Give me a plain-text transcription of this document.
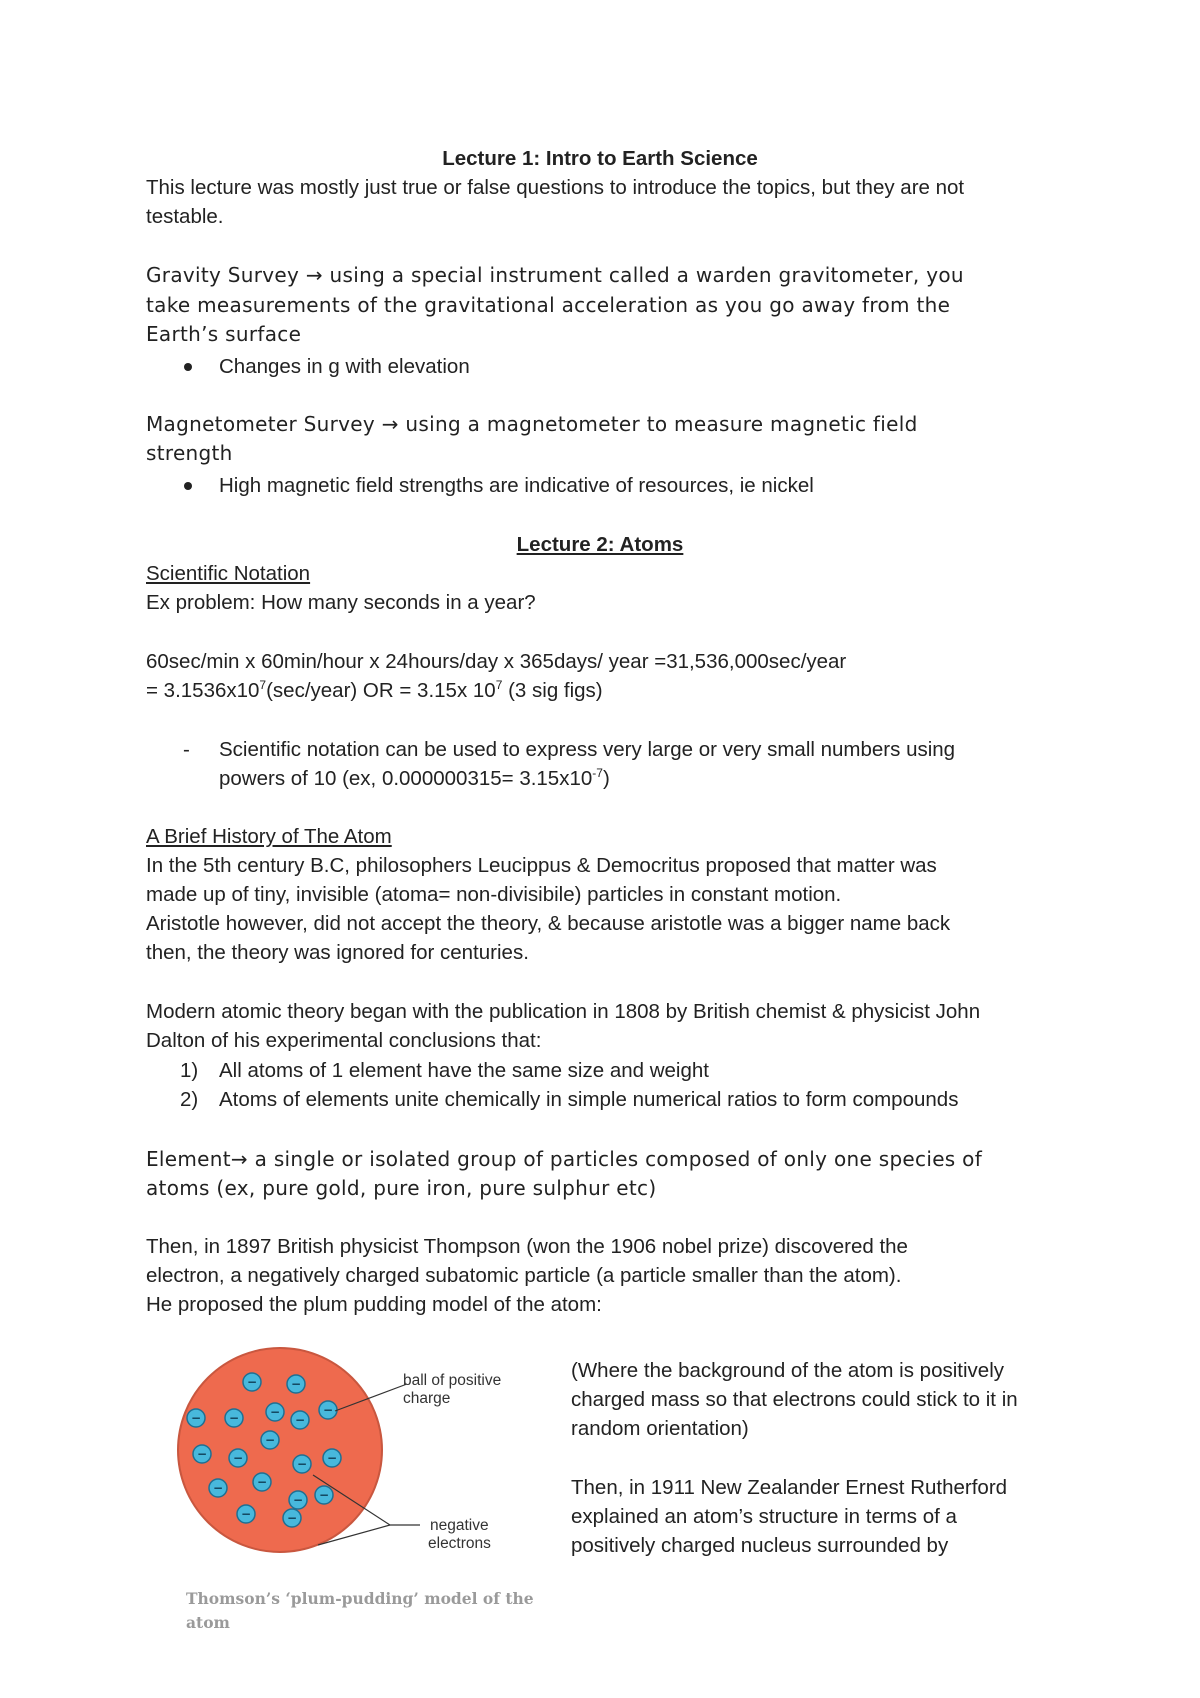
Lecture 1: Intro to Earth Science
This lecture was mostly just true or false questions to introduce the topics, but they are not
testable.
Gravity Survey → using a special instrument called a warden gravitometer, you
take measurements of the gravitational acceleration as you go away from the
Earth’s surface
Changes in g with elevation
Magnetometer Survey → using a magnetometer to measure magnetic field
strength
High magnetic field strengths are indicative of resources, ie nickel
Lecture 2: Atoms
Scientific Notation
Ex problem: How many seconds in a year?
60sec/min x 60min/hour x 24hours/day x 365days/ year =31,536,000sec/year
= $3.1536x10^7(\sec/year)$ OR = 3.15x $10^7$ (3 sig figs)
- Scientific notation can be used to express very large or very small numbers using
powers of 10 (ex, $0.000000315= 3.15x10^{-7}$)
A Brief History of The Atom
In the 5th century B.C, philosophers Leucippus & Democritus proposed that matter was
made up of tiny, invisible (atoma= non-divisibile) particles in constant motion.
Aristotle however, did not accept the theory, & because aristotle was a bigger name back
then, the theory was ignored for centuries.
Modern atomic theory began with the publication in 1808 by British chemist & physicist John
Dalton of his experimental conclusions that:
1) All atoms of 1 element have the same size and weight
2) Atoms of elements unite chemically in simple numerical ratios to form compounds
Element→ a single or isolated group of particles composed of only one species of
atoms (ex, pure gold, pure iron, pure sulphur etc)
Then, in 1897 British physicist Thompson (won the 1906 nobel prize) discovered the
electron, a negatively charged subatomic particle (a particle smaller than the atom).
He proposed the plum pudding model of the atom:
−	−
−	−
− −	−
−
− −	− −
−
−
− −
−	−
ball of positive
charge
negative
electrons
Thomson’s ‘plum-pudding’ model of the
atom
(Where the background of the atom is positively
charged mass so that electrons could stick to it in
random orientation)
Then, in 1911 New Zealander Ernest Rutherford
explained an atom’s structure in terms of a
positively charged nucleus surrounded by
